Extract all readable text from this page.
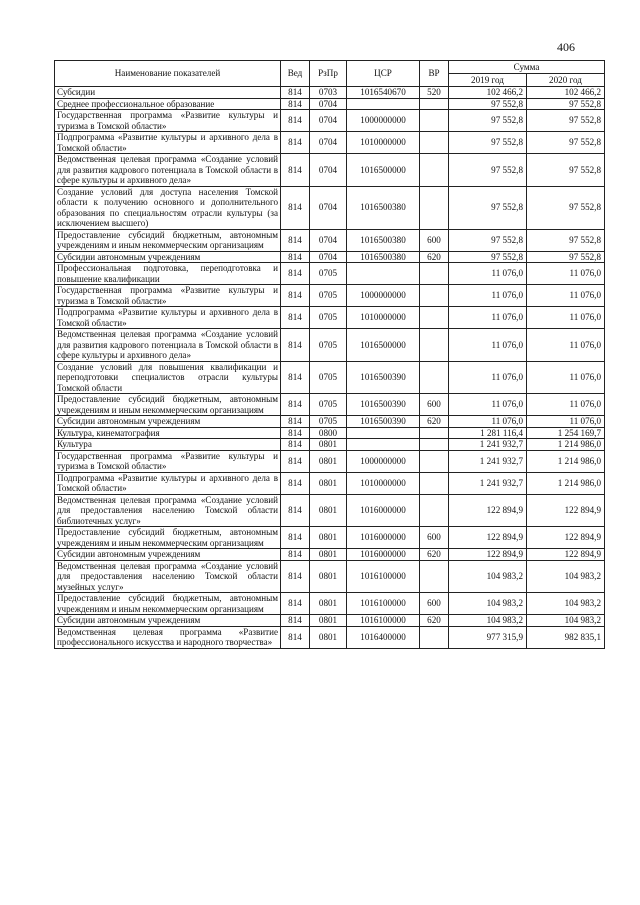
406
Наименование показателей	Вед	РзПр	ЦСР	ВР	Сумма	
					2019 год	2020 год
Субсидии	814	0703	1016540670	520	102 466,2	102 466,2
Среднее профессиональное образование	814	0704			97 552,8	97 552,8
Государственная программа «Развитие культуры и туризма в Томской области»	814	0704	1000000000		97 552,8	97 552,8
Подпрограмма «Развитие культуры и архивного дела в Томской области»	814	0704	1010000000		97 552,8	97 552,8
Ведомственная целевая программа «Создание условий для развития кадрового потенциала в Томской области в сфере культуры и архивного дела»	814	0704	1016500000		97 552,8	97 552,8
Создание условий для доступа населения Томской области к получению основного и дополнительного образования по специальностям отрасли культуры (за исключением высшего)	814	0704	1016500380		97 552,8	97 552,8
Предоставление субсидий бюджетным, автономным учреждениям и иным некоммерческим организациям	814	0704	1016500380	600	97 552,8	97 552,8
Субсидии автономным учреждениям	814	0704	1016500380	620	97 552,8	97 552,8
Профессиональная подготовка, переподготовка и повышение квалификации	814	0705			11 076,0	11 076,0
Государственная программа «Развитие культуры и туризма в Томской области»	814	0705	1000000000		11 076,0	11 076,0
Подпрограмма «Развитие культуры и архивного дела в Томской области»	814	0705	1010000000		11 076,0	11 076,0
Ведомственная целевая программа «Создание условий для развития кадрового потенциала в Томской области в сфере культуры и архивного дела»	814	0705	1016500000		11 076,0	11 076,0
Создание условий для повышения квалификации и переподготовки специалистов отрасли культуры Томской области	814	0705	1016500390		11 076,0	11 076,0
Предоставление субсидий бюджетным, автономным учреждениям и иным некоммерческим организациям	814	0705	1016500390	600	11 076,0	11 076,0
Субсидии автономным учреждениям	814	0705	1016500390	620	11 076,0	11 076,0
Культура, кинематография	814	0800			1 281 116,4	1 254 169,7
Культура	814	0801			1 241 932,7	1 214 986,0
Государственная программа «Развитие культуры и туризма в Томской области»	814	0801	1000000000		1 241 932,7	1 214 986,0
Подпрограмма «Развитие культуры и архивного дела в Томской области»	814	0801	1010000000		1 241 932,7	1 214 986,0
Ведомственная целевая программа «Создание условий для предоставления населению Томской области библиотечных услуг»	814	0801	1016000000		122 894,9	122 894,9
Предоставление субсидий бюджетным, автономным учреждениям и иным некоммерческим организациям	814	0801	1016000000	600	122 894,9	122 894,9
Субсидии автономным учреждениям	814	0801	1016000000	620	122 894,9	122 894,9
Ведомственная целевая программа «Создание условий для предоставления населению Томской области музейных услуг»	814	0801	1016100000		104 983,2	104 983,2
Предоставление субсидий бюджетным, автономным учреждениям и иным некоммерческим организациям	814	0801	1016100000	600	104 983,2	104 983,2
Субсидии автономным учреждениям	814	0801	1016100000	620	104 983,2	104 983,2
Ведомственная целевая программа «Развитие профессионального искусства и народного творчества»	814	0801	1016400000		977 315,9	982 835,1
